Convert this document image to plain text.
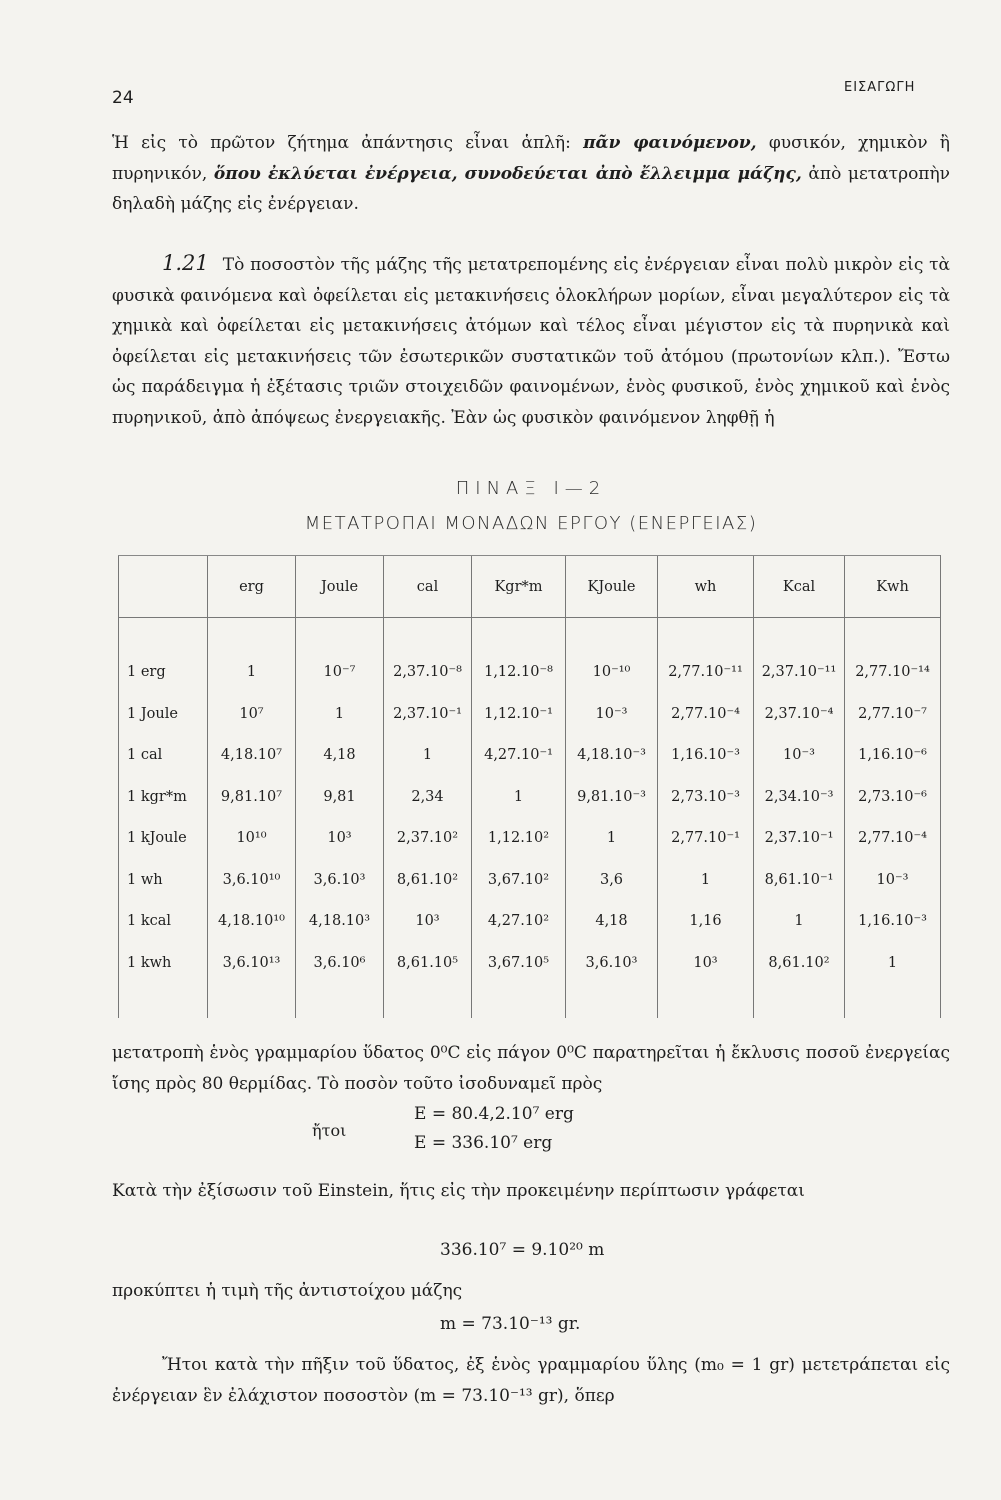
24
ΕΙΣΑΓΩΓΗ

Ἡ εἰς τὸ πρῶτον ζήτημα ἀπάντησις εἶναι ἁπλῆ: πᾶν φαινόμενον, φυσικόν, χημικὸν ἢ πυρηνικόν, ὅπου ἐκλύεται ἐνέργεια, συνοδεύεται ἀπὸ ἔλλειμμα μάζης, ἀπὸ μετατροπὴν δηλαδὴ μάζης εἰς ἐνέργειαν.

1.21 Τὸ ποσοστὸν τῆς μάζης τῆς μετατρεπομένης εἰς ἐνέργειαν εἶναι πολὺ μικρὸν εἰς τὰ φυσικὰ φαινόμενα καὶ ὀφείλεται εἰς μετακινήσεις ὁλοκλήρων μορίων, εἶναι μεγαλύτερον εἰς τὰ χημικὰ καὶ ὀφείλεται εἰς μετακινήσεις ἀτόμων καὶ τέλος εἶναι μέγιστον εἰς τὰ πυρηνικὰ καὶ ὀφείλεται εἰς μετακινήσεις τῶν ἐσωτερικῶν συστατικῶν τοῦ ἀτόμου (πρωτονίων κλπ.). Ἔστω ὡς παράδειγμα ἡ ἐξέτασις τριῶν στοιχειδῶν φαινομένων, ἑνὸς φυσικοῦ, ἑνὸς χημικοῦ καὶ ἑνὸς πυρηνικοῦ, ἀπὸ ἀπόψεως ἐνεργειακῆς. Ἐὰν ὡς φυσικὸν φαινόμενον ληφθῇ ἡ

ΠΙΝΑΞ Ι—2
ΜΕΤΑΤΡΟΠΑΙ ΜΟΝΑΔΩΝ ΕΡΓΟΥ (ΕΝΕΡΓΕΙΑΣ)
	erg	Joule	cal	Kgr*m	KJoule	wh	Kcal	Kwh

1 erg	1	10⁻⁷	2,37.10⁻⁸	1,12.10⁻⁸	10⁻¹⁰	2,77.10⁻¹¹	2,37.10⁻¹¹	2,77.10⁻¹⁴
1 Joule	10⁷	1	2,37.10⁻¹	1,12.10⁻¹	10⁻³	2,77.10⁻⁴	2,37.10⁻⁴	2,77.10⁻⁷
1 cal	4,18.10⁷	4,18	1	4,27.10⁻¹	4,18.10⁻³	1,16.10⁻³	10⁻³	1,16.10⁻⁶
1 kgr*m	9,81.10⁷	9,81	2,34	1	9,81.10⁻³	2,73.10⁻³	2,34.10⁻³	2,73.10⁻⁶
1 kJoule	10¹⁰	10³	2,37.10²	1,12.10²	1	2,77.10⁻¹	2,37.10⁻¹	2,77.10⁻⁴
1 wh	3,6.10¹⁰	3,6.10³	8,61.10²	3,67.10²	3,6	1	8,61.10⁻¹	10⁻³
1 kcal	4,18.10¹⁰	4,18.10³	10³	4,27.10²	4,18	1,16	1	1,16.10⁻³
1 kwh	3,6.10¹³	3,6.10⁶	8,61.10⁵	3,67.10⁵	3,6.10³	10³	8,61.10²	1

μετατροπὴ ἑνὸς γραμμαρίου ὕδατος 0⁰C εἰς πάγον 0⁰C παρατηρεῖται ἡ ἔκλυσις ποσοῦ ἐνεργείας ἴσης πρὸς 80 θερμίδας. Τὸ ποσὸν τοῦτο ἰσοδυναμεῖ πρὸς

E = 80.4,2.10⁷ erg
ἤτοι
E = 336.10⁷ erg

Κατὰ τὴν ἐξίσωσιν τοῦ Einstein, ἥτις εἰς τὴν προκειμένην περίπτωσιν γράφεται

336.10⁷ = 9.10²⁰ m

προκύπτει ἡ τιμὴ τῆς ἀντιστοίχου μάζης

m = 73.10⁻¹³ gr.

Ἤτοι κατὰ τὴν πῆξιν τοῦ ὕδατος, ἐξ ἑνὸς γραμμαρίου ὕλης (m₀ = 1 gr) μετετράπεται εἰς ἐνέργειαν ἓν ἐλάχιστον ποσοστὸν (m = 73.10⁻¹³ gr), ὅπερ
